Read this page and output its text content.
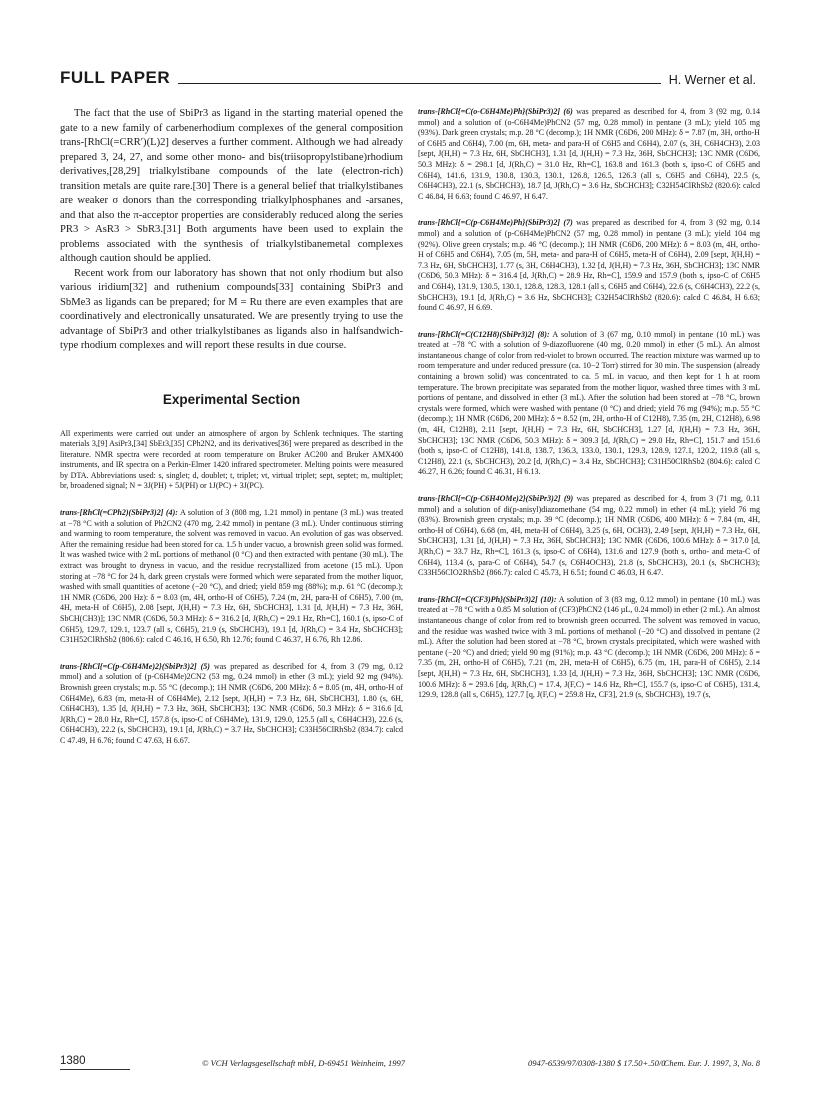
FULL PAPER	H. Werner et al.

The fact that the use of SbiPr3 as ligand in the starting material opened the gate to a new family of carbenerhodium complexes of the general composition trans-[RhCl(=CRR′)(L)2] deserves a further comment. Although we had already prepared 3, 24, 27, and some other mono- and bis(triisopropylstibane)rhodium derivatives,[28,29] trialkylstibane compounds of the late (electron-rich) transition metals are quite rare.[30] There is a general belief that trialkylstibanes are weaker σ donors than the corresponding trialkylphosphanes and -arsanes, and that also the π-acceptor properties are considerably reduced along the series PR3 > AsR3 > SbR3.[31] Both arguments have been used to explain the problems associated with the synthesis of trialkylstibanemetal complexes although caution should be applied.

Recent work from our laboratory has shown that not only rhodium but also various iridium[32] and ruthenium compounds[33] containing SbiPr3 and SbMe3 as ligands can be prepared; for M = Ru there are even examples that are coordinatively and electronically unsaturated. We are presently trying to use the advantage of SbiPr3 and other trialkylstibanes as ligands also in halfsandwich-type rhodium complexes and will report these results in due course.

Experimental Section

All experiments were carried out under an atmosphere of argon by Schlenk techniques. The starting materials 3,[9] AsiPr3,[34] SbEt3,[35] CPh2N2, and its derivatives[36] were prepared as described in the literature. NMR spectra were recorded at room temperature on Bruker AC200 and Bruker AMX400 instruments, and IR spectra on a Perkin-Elmer 1420 infrared spectrometer. Melting points were measured by DTA. Abbreviations used: s, singlet; d, doublet; t, triplet; vt, virtual triplet; sept, septet; m, multiplet; br, broadened signal; N = 3J(PH) + 5J(PH) or 1J(PC) + 3J(PC).

trans-[RhCl(=CPh2)(SbiPr3)2] (4): A solution of 3 (808 mg, 1.21 mmol) in pentane (3 mL) was treated at −78 °C with a solution of Ph2CN2 (470 mg, 2.42 mmol) in pentane (3 mL). Under continuous stirring and warming to room temperature, the solvent was removed in vacuo. An evolution of gas was observed. After the remaining residue had been stored for ca. 1.5 h under vacuo, a brownish green solid was formed. It was washed twice with 2 mL portions of methanol (0 °C) and then extracted with pentane (30 mL). The extract was brought to dryness in vacuo, and the residue recrystallized from acetone (15 mL). Upon storing at −78 °C for 24 h, dark green crystals were formed which were separated from the mother liquor, washed with small quantities of acetone (−20 °C), and dried; yield 859 mg (88%); m.p. 61 °C (decomp.); 1H NMR (C6D6, 200 Hz): δ = 8.03 (m, 4H, ortho-H of C6H5), 7.24 (m, 2H, para-H of C6H5), 7.00 (m, 4H, meta-H of C6H5), 2.08 [sept, J(H,H) = 7.3 Hz, 6H, SbCHCH3], 1.31 [d, J(H,H) = 7.3 Hz, 36H, SbCH(CH3)]; 13C NMR (C6D6, 50.3 MHz): δ = 316.2 [d, J(Rh,C) = 29.1 Hz, Rh=C], 160.1 (s, ipso-C of C6H5), 129.7, 129.1, 123.7 (all s, C6H5), 21.9 (s, SbCHCH3), 19.1 [d, J(Rh,C) = 3.4 Hz, SbCHCH3]; C31H52ClRhSb2 (806.6): calcd C 46.16, H 6.50, Rh 12.76; found C 46.37, H 6.76, Rh 12.86.

trans-[RhCl{=C(p-C6H4Me)2}(SbiPr3)2] (5) was prepared as described for 4, from 3 (79 mg, 0.12 mmol) and a solution of (p-C6H4Me)2CN2 (53 mg, 0.24 mmol) in ether (3 mL); yield 92 mg (94%). Brownish green crystals; m.p. 55 °C (decomp.); 1H NMR (C6D6, 200 MHz): δ = 8.05 (m, 4H, ortho-H of C6H4Me), 6.83 (m, meta-H of C6H4Me), 2.12 [sept, J(H,H) = 7.3 Hz, 6H, SbCHCH3], 1.80 (s, 6H, C6H4CH3), 1.35 [d, J(H,H) = 7.3 Hz, 36H, SbCHCH3]; 13C NMR (C6D6, 50.3 MHz): δ = 316.6 [d, J(Rh,C) = 28.0 Hz, Rh=C], 157.8 (s, ipso-C of C6H4Me), 131.9, 129.0, 125.5 (all s, C6H4CH3), 22.6 (s, C6H4CH3), 22.2 (s, SbCHCH3), 19.1 [d, J(Rh,C) = 3.7 Hz, SbCHCH3]; C33H56ClRhSb2 (834.7): calcd C 47.49, H 6.76; found C 47.63, H 6.67.

trans-[RhCl{=C(o-C6H4Me)Ph}(SbiPr3)2] (6) was prepared as described for 4, from 3 (92 mg, 0.14 mmol) and a solution of (o-C6H4Me)PhCN2 (57 mg, 0.28 mmol) in pentane (3 mL); yield 105 mg (93%). Dark green crystals; m.p. 28 °C (decomp.); 1H NMR (C6D6, 200 MHz): δ = 7.87 (m, 3H, ortho-H of C6H5 and C6H4), 7.00 (m, 6H, meta- and para-H of C6H5 and C6H4), 2.07 (s, 3H, C6H4CH3), 2.03 [sept, J(H,H) = 7.3 Hz, 6H, SbCHCH3], 1.31 [d, J(H,H) = 7.3 Hz, 36H, SbCHCH3]; 13C NMR (C6D6, 50.3 MHz): δ = 298.1 [d, J(Rh,C) = 31.0 Hz, Rh=C], 163.8 and 161.3 (both s, ipso-C of C6H5 and C6H4), 141.6, 131.9, 130.8, 130.3, 130.1, 126.8, 126.5, 126.3 (all s, C6H5 and C6H4), 22.5 (s, C6H4CH3), 22.1 (s, SbCHCH3), 18.7 [d, J(Rh,C) = 3.6 Hz, SbCHCH3]; C32H54ClRhSb2 (820.6): calcd C 46.84, H 6.63; found C 46.97, H 6.47.

trans-[RhCl{=C(p-C6H4Me)Ph}(SbiPr3)2] (7) was prepared as described for 4, from 3 (92 mg, 0.14 mmol) and a solution of (p-C6H4Me)PhCN2 (57 mg, 0.28 mmol) in pentane (3 mL); yield 104 mg (92%). Olive green crystals; m.p. 46 °C (decomp.); 1H NMR (C6D6, 200 MHz): δ = 8.03 (m, 4H, ortho-H of C6H5 and C6H4), 7.05 (m, 5H, meta- and para-H of C6H5, meta-H of C6H4), 2.09 [sept, J(H,H) = 7.3 Hz, 6H, SbCHCH3], 1.77 (s, 3H, C6H4CH3), 1.32 [d, J(H,H) = 7.3 Hz, 36H, SbCHCH3]; 13C NMR (C6D6, 50.3 MHz): δ = 316.4 [d, J(Rh,C) = 28.9 Hz, Rh=C], 159.9 and 157.9 (both s, ipso-C of C6H5 and C6H4), 131.9, 130.5, 130.1, 128.8, 128.3, 128.1 (all s, C6H5 and C6H4), 22.6 (s, C6H4CH3), 22.2 (s, SbCHCH3), 19.1 [d, J(Rh,C) = 3.6 Hz, SbCHCH3]; C32H54ClRhSb2 (820.6): calcd C 46.84, H 6.63; found C 46.97, H 6.69.

trans-[RhCl(=C(C12H8)(SbiPr3)2] (8): A solution of 3 (67 mg, 0.10 mmol) in pentane (10 mL) was treated at −78 °C with a solution of 9-diazofluorene (40 mg, 0.20 mmol) in ether (5 mL). An almost instantaneous change of color from red-violet to brown occurred. The reaction mixture was warmed up to room temperature and under reduced pressure (ca. 10−2 Torr) stirred for 30 min. The suspension (already containing a brown solid) was concentrated to ca. 5 mL in vacuo, and then kept for 1 h at room temperature. The brown precipitate was separated from the mother liquor, washed three times with 3 mL portions of pentane, and dissolved in ether (3 mL). After the solution had been stored at −78 °C, brown crystals were formed, which were washed with pentane (0 °C) and dried; yield 76 mg (94%); m.p. 55 °C (decomp.); 1H NMR (C6D6, 200 MHz): δ = 8.52 (m, 2H, ortho-H of C12H8), 7.35 (m, 2H, C12H8), 6.98 (m, 4H, C12H8), 2.11 [sept, J(H,H) = 7.3 Hz, 6H, SbCHCH3], 1.27 [d, J(H,H) = 7.3 Hz, 36H, SbCHCH3]; 13C NMR (C6D6, 50.3 MHz): δ = 309.3 [d, J(Rh,C) = 29.0 Hz, Rh=C], 151.7 and 151.6 (both s, ipso-C of C12H8), 141.8, 138.7, 136.3, 133.0, 130.1, 129.3, 128.9, 127.1, 120.2, 119.8 (all s, C12H8), 22.1 (s, SbCHCH3), 20.2 [d, J(Rh,C) = 3.4 Hz, SbCHCH3]; C31H50ClRhSb2 (804.6): calcd C 46.27, H 6.26; found C 46.31, H 6.13.

trans-[RhCl{=C(p-C6H4OMe)2}(SbiPr3)2] (9) was prepared as described for 4, from 3 (71 mg, 0.11 mmol) and a solution of di(p-anisyl)diazomethane (54 mg, 0.22 mmol) in ether (4 mL); yield 76 mg (83%). Brownish green crystals; m.p. 39 °C (decomp.); 1H NMR (C6D6, 400 MHz): δ = 7.84 (m, 4H, ortho-H of C6H4), 6.68 (m, 4H, meta-H of C6H4), 3.25 (s, 6H, OCH3), 2.49 [sept, J(H,H) = 7.3 Hz, 6H, SbCHCH3], 1.31 [d, J(H,H) = 7.3 Hz, 36H, SbCHCH3]; 13C NMR (C6D6, 100.6 MHz): δ = 317.0 [d, J(Rh,C) = 33.7 Hz, Rh=C], 161.3 (s, ipso-C of C6H4), 131.6 and 127.9 (both s, ortho- and meta-C of C6H4), 113.4 (s, para-C of C6H4), 54.7 (s, C6H4OCH3), 21.8 (s, SbCHCH3), 20.1 (s, SbCHCH3); C33H56ClO2RhSb2 (866.7): calcd C 45.73, H 6.51; found C 46.03, H 6.47.

trans-[RhCl{=C(CF3)Ph}(SbiPr3)2] (10): A solution of 3 (83 mg, 0.12 mmol) in pentane (10 mL) was treated at −78 °C with a 0.85 M solution of (CF3)PhCN2 (146 µL, 0.24 mmol) in ether (2 mL). An almost instantaneous change of color from red to brownish green occurred. The solvent was removed in vacuo, and the residue was washed twice with 3 mL portions of methanol (−20 °C) and dissolved in pentane (2 mL). After the solution had been stored at −78 °C, brown crystals precipitated, which were washed with pentane (−20 °C) and dried; yield 90 mg (91%); m.p. 43 °C (decomp.); 1H NMR (C6D6, 200 MHz): δ = 7.35 (m, 2H, ortho-H of C6H5), 7.21 (m, 2H, meta-H of C6H5), 6.75 (m, 1H, para-H of C6H5), 2.14 [sept, J(H,H) = 7.3 Hz, 6H, SbCHCH3], 1.33 [d, J(H,H) = 7.3 Hz, 36H, SbCHCH3]; 13C NMR (C6D6, 100.6 MHz): δ = 293.6 [dq, J(Rh,C) = 17.4, J(F,C) = 14.6 Hz, Rh=C], 155.7 (s, ipso-C of C6H5), 131.4, 129.9, 128.8 (all s, C6H5), 127.7 [q, J(F,C) = 259.8 Hz, CF3], 21.9 (s, SbCHCH3), 19.7 (s,

1380	© VCH Verlagsgesellschaft mbH, D-69451 Weinheim, 1997	0947-6539/97/0308-1380 $ 17.50+.50/0
Chem. Eur. J. 1997, 3, No. 8
